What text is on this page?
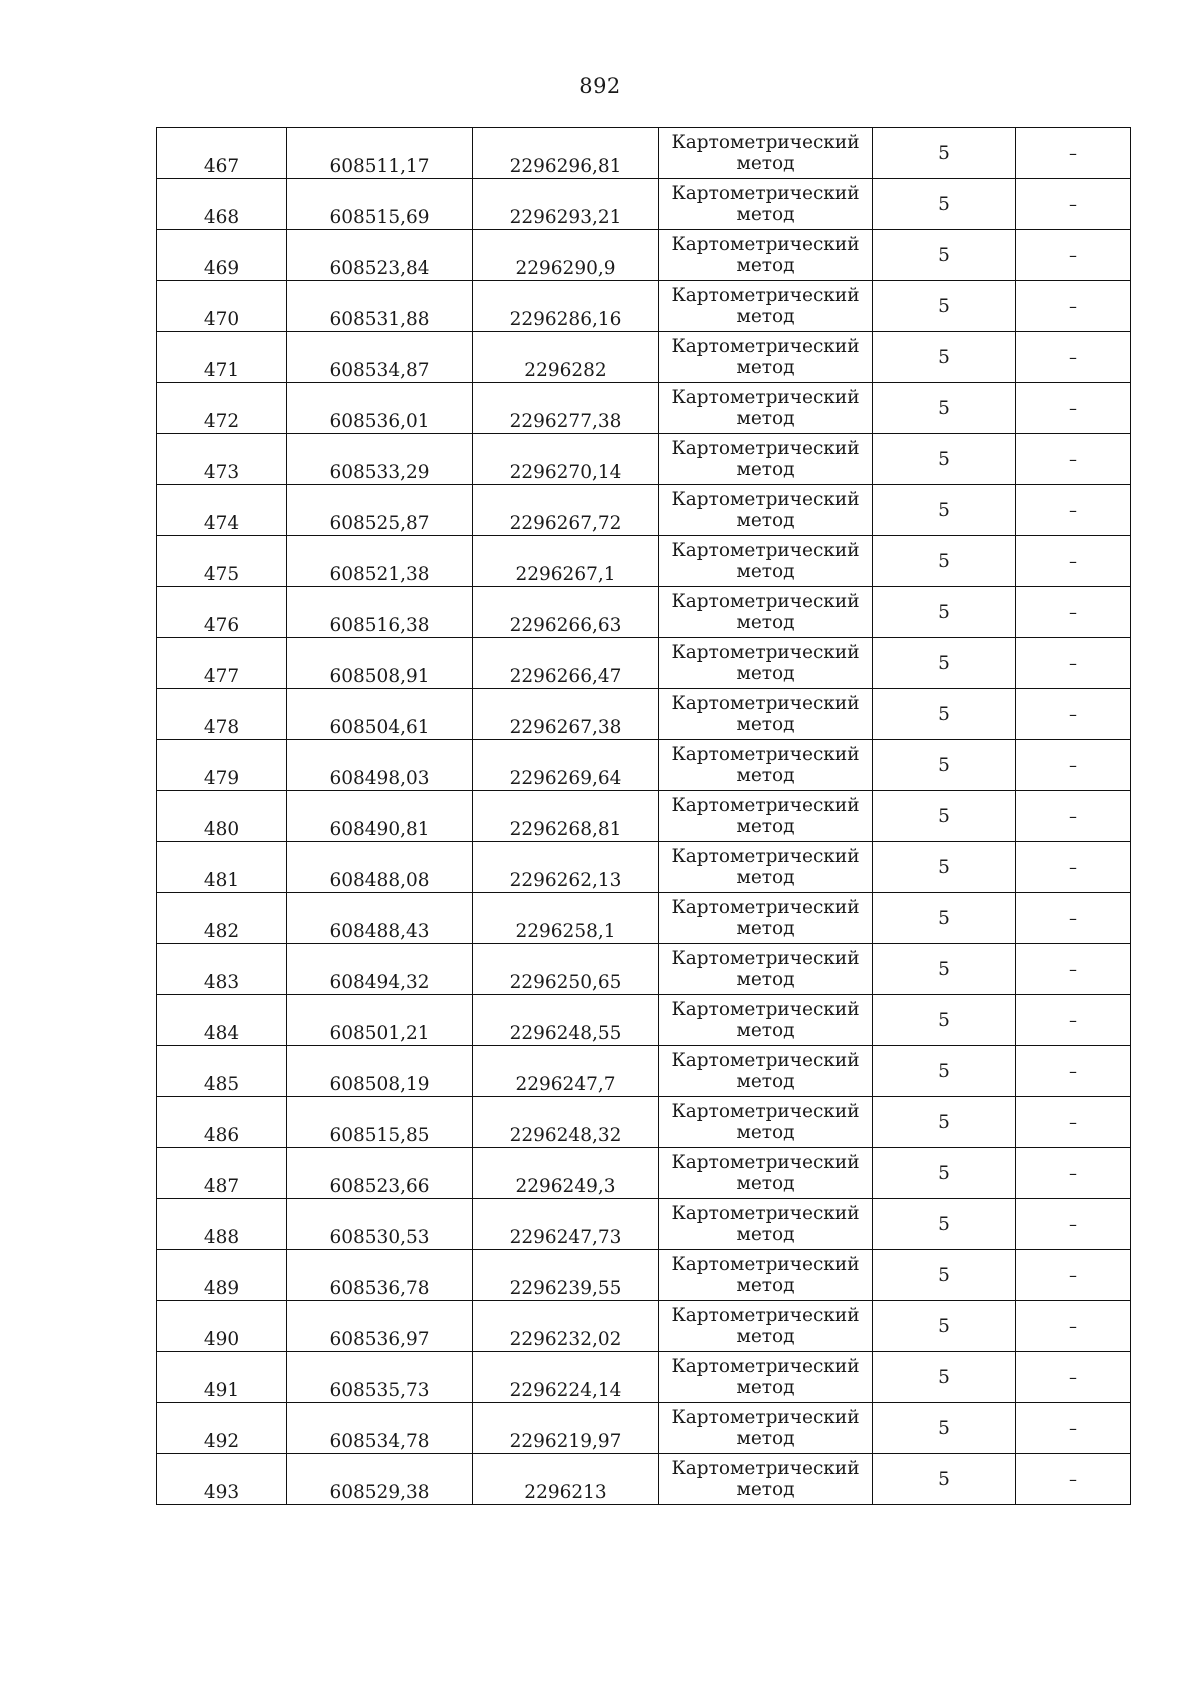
892
467	608511,17	2296296,81	Картометрический
метод	5	–

468	608515,69	2296293,21	Картометрический
метод	5	–

469	608523,84	2296290,9	Картометрический
метод	5	–

470	608531,88	2296286,16	Картометрический
метод	5	–

471	608534,87	2296282	Картометрический
метод	5	–

472	608536,01	2296277,38	Картометрический
метод	5	–

473	608533,29	2296270,14	Картометрический
метод	5	–

474	608525,87	2296267,72	Картометрический
метод	5	–

475	608521,38	2296267,1	Картометрический
метод	5	–

476	608516,38	2296266,63	Картометрический
метод	5	–

477	608508,91	2296266,47	Картометрический
метод	5	–

478	608504,61	2296267,38	Картометрический
метод	5	–

479	608498,03	2296269,64	Картометрический
метод	5	–

480	608490,81	2296268,81	Картометрический
метод	5	–

481	608488,08	2296262,13	Картометрический
метод	5	–

482	608488,43	2296258,1	Картометрический
метод	5	–

483	608494,32	2296250,65	Картометрический
метод	5	–

484	608501,21	2296248,55	Картометрический
метод	5	–

485	608508,19	2296247,7	Картометрический
метод	5	–

486	608515,85	2296248,32	Картометрический
метод	5	–

487	608523,66	2296249,3	Картометрический
метод	5	–

488	608530,53	2296247,73	Картометрический
метод	5	–

489	608536,78	2296239,55	Картометрический
метод	5	–

490	608536,97	2296232,02	Картометрический
метод	5	–

491	608535,73	2296224,14	Картометрический
метод	5	–

492	608534,78	2296219,97	Картометрический
метод	5	–

493	608529,38	2296213	Картометрический
метод	5	–
